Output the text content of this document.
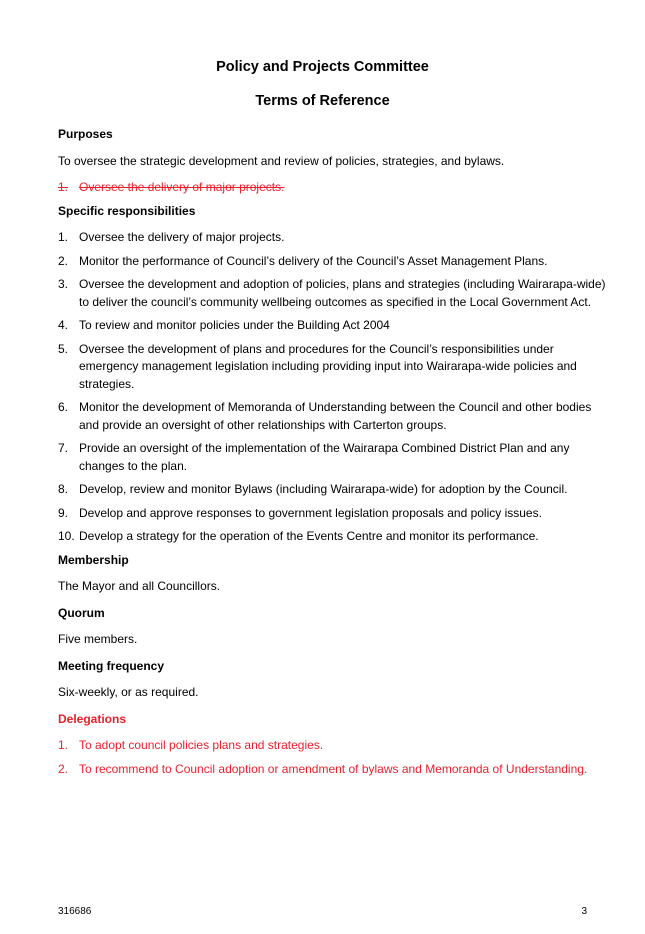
Policy and Projects Committee
Terms of Reference

Purposes

To oversee the strategic development and review of policies, strategies, and bylaws.

1. Oversee the delivery of major projects.

Specific responsibilities

1. Oversee the delivery of major projects.
2. Monitor the performance of Council’s delivery of the Council’s Asset Management Plans.
3. Oversee the development and adoption of policies, plans and strategies (including Wairarapa-wide) to deliver the council’s community wellbeing outcomes as specified in the Local Government Act.
4. To review and monitor policies under the Building Act 2004
5. Oversee the development of plans and procedures for the Council’s responsibilities under emergency management legislation including providing input into Wairarapa-wide policies and strategies.
6. Monitor the development of Memoranda of Understanding between the Council and other bodies and provide an oversight of other relationships with Carterton groups.
7. Provide an oversight of the implementation of the Wairarapa Combined District Plan and any changes to the plan.
8. Develop, review and monitor Bylaws (including Wairarapa-wide) for adoption by the Council.
9. Develop and approve responses to government legislation proposals and policy issues.
10. Develop a strategy for the operation of the Events Centre and monitor its performance.

Membership

The Mayor and all Councillors.

Quorum

Five members.

Meeting frequency

Six-weekly, or as required.

Delegations

1. To adopt council policies plans and strategies.
2. To recommend to Council adoption or amendment of bylaws and Memoranda of Understanding.

316686	3
